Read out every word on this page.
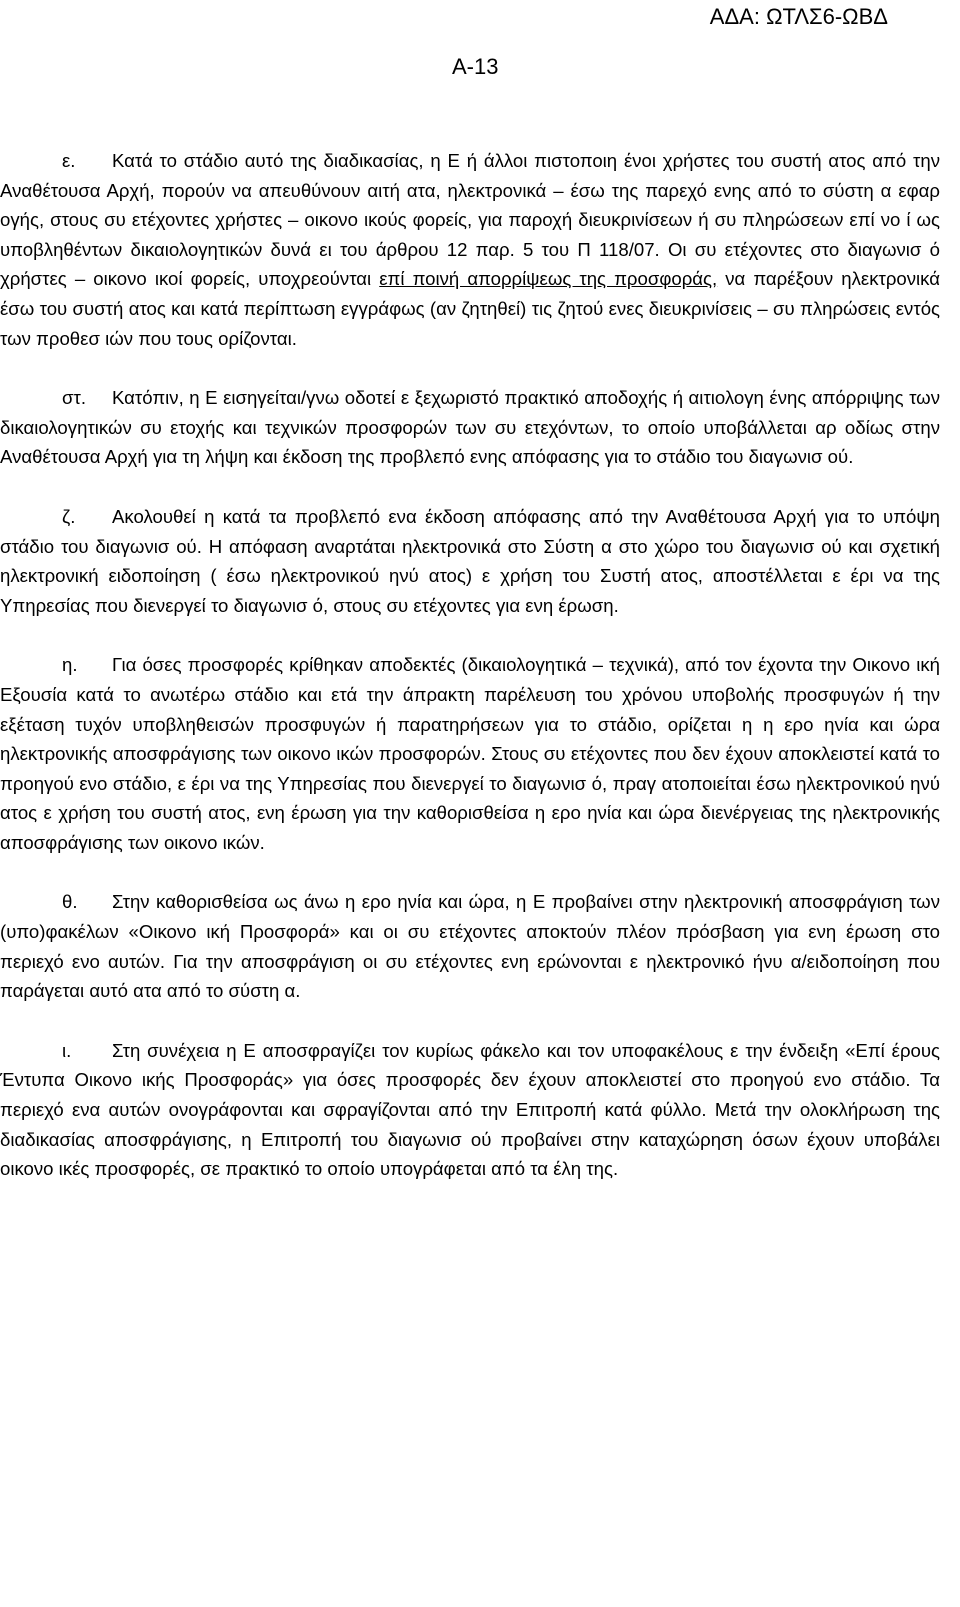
ΑΔΑ: ΩΤΛΣ6-ΩΒΔ
Α-13

ε. Κατά το στάδιο αυτό της διαδικασίας, η Ε ή άλλοι πιστοποιη ένοι χρήστες του συστή ατος από την Αναθέτουσα Αρχή, πορούν να απευθύνουν αιτή ατα, ηλεκτρονικά – έσω της παρεχό ενης από το σύστη α εφαρ ογής, στους συ ετέχοντες χρήστες – οικονο ικούς φορείς, για παροχή διευκρινίσεων ή συ πληρώσεων επί νο ί ως υποβληθέντων δικαιολογητικών δυνά ει του άρθρου 12 παρ. 5 του Π 118/07. Οι συ ετέχοντες στο διαγωνισ ό χρήστες – οικονο ικοί φορείς, υποχρεούνται επί ποινή απορρίψεως της προσφοράς, να παρέξουν ηλεκτρονικά έσω του συστή ατος και κατά περίπτωση εγγράφως (αν ζητηθεί) τις ζητού ενες διευκρινίσεις – συ πληρώσεις εντός των προθεσ ιών που τους ορίζονται.

στ. Κατόπιν, η Ε εισηγείται/γνω οδοτεί ε ξεχωριστό πρακτικό αποδοχής ή αιτιολογη ένης απόρριψης των δικαιολογητικών συ ετοχής και τεχνικών προσφορών των συ ετεχόντων, το οποίο υποβάλλεται αρ οδίως στην Αναθέτουσα Αρχή για τη λήψη και έκδοση της προβλεπό ενης απόφασης για το στάδιο του διαγωνισ ού.

ζ. Ακολουθεί η κατά τα προβλεπό ενα έκδοση απόφασης από την Αναθέτουσα Αρχή για το υπόψη στάδιο του διαγωνισ ού. Η απόφαση αναρτάται ηλεκτρονικά στο Σύστη α στο χώρο του διαγωνισ ού και σχετική ηλεκτρονική ειδοποίηση ( έσω ηλεκτρονικού ηνύ ατος) ε χρήση του Συστή ατος, αποστέλλεται ε έρι να της Υπηρεσίας που διενεργεί το διαγωνισ ό, στους συ ετέχοντες για ενη έρωση.

η. Για όσες προσφορές κρίθηκαν αποδεκτές (δικαιολογητικά – τεχνικά), από τον έχοντα την Οικονο ική Εξουσία κατά το ανωτέρω στάδιο και ετά την άπρακτη παρέλευση του χρόνου υποβολής προσφυγών ή την εξέταση τυχόν υποβληθεισών προσφυγών ή παρατηρήσεων για το στάδιο, ορίζεται η η ερο ηνία και ώρα ηλεκτρονικής αποσφράγισης των οικονο ικών προσφορών. Στους συ ετέχοντες που δεν έχουν αποκλειστεί κατά το προηγού ενο στάδιο, ε έρι να της Υπηρεσίας που διενεργεί το διαγωνισ ό, πραγ ατοποιείται έσω ηλεκτρονικού ηνύ ατος ε χρήση του συστή ατος, ενη έρωση για την καθορισθείσα η ερο ηνία και ώρα διενέργειας της ηλεκτρονικής αποσφράγισης των οικονο ικών.

θ. Στην καθορισθείσα ως άνω η ερο ηνία και ώρα, η Ε προβαίνει στην ηλεκτρονική αποσφράγιση των (υπο)φακέλων «Οικονο ική Προσφορά» και οι συ ετέχοντες αποκτούν πλέον πρόσβαση για ενη έρωση στο περιεχό ενο αυτών. Για την αποσφράγιση οι συ ετέχοντες ενη ερώνονται ε ηλεκτρονικό ήνυ α/ειδοποίηση που παράγεται αυτό ατα από το σύστη α.

ι. Στη συνέχεια η Ε αποσφραγίζει τον κυρίως φάκελο και τον υποφακέλους ε την ένδειξη «Επί έρους Έντυπα Οικονο ικής Προσφοράς» για όσες προσφορές δεν έχουν αποκλειστεί στο προηγού ενο στάδιο. Τα περιεχό ενα αυτών ονογράφονται και σφραγίζονται από την Επιτροπή κατά φύλλο. Μετά την ολοκλήρωση της διαδικασίας αποσφράγισης, η Επιτροπή του διαγωνισ ού προβαίνει στην καταχώρηση όσων έχουν υποβάλει οικονο ικές προσφορές, σε πρακτικό το οποίο υπογράφεται από τα έλη της.
